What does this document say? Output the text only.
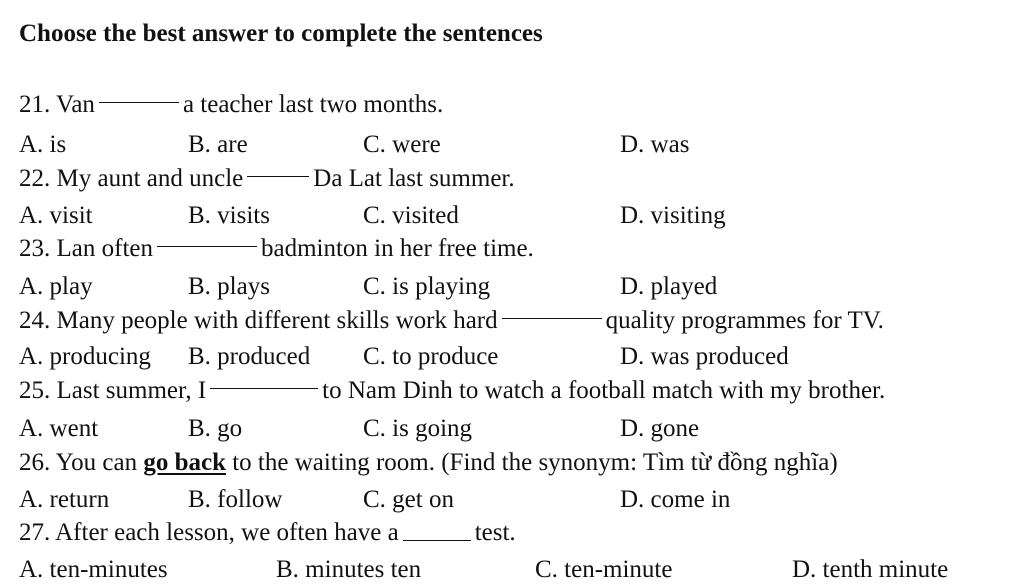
Choose the best answer to complete the sentences
21. Van	a teacher last two months.
A. is	B. are	C. were	D. was
22. My aunt and uncle	Da Lat last summer.
A. visit	B. visits	C. visited	D. visiting
23. Lan often	badminton in her free time.
A. play	B. plays	C. is playing	D. played
24. Many people with different skills work hard	quality programmes for TV.
A. producing B. produced C. to produce	D. was produced
25. Last summer, I	to Nam Dinh to watch a football match with my brother.
A. went	B. go	C. is going	D. gone
26. You can go back to the waiting room. (Find the synonym: Tìm từ đồng nghĩa)
A. return	B. follow	C. get on	D. come in
27. After each lesson, we often have a	test.
A. ten-minutes	B. minutes ten	C. ten-minute	D. tenth minute
